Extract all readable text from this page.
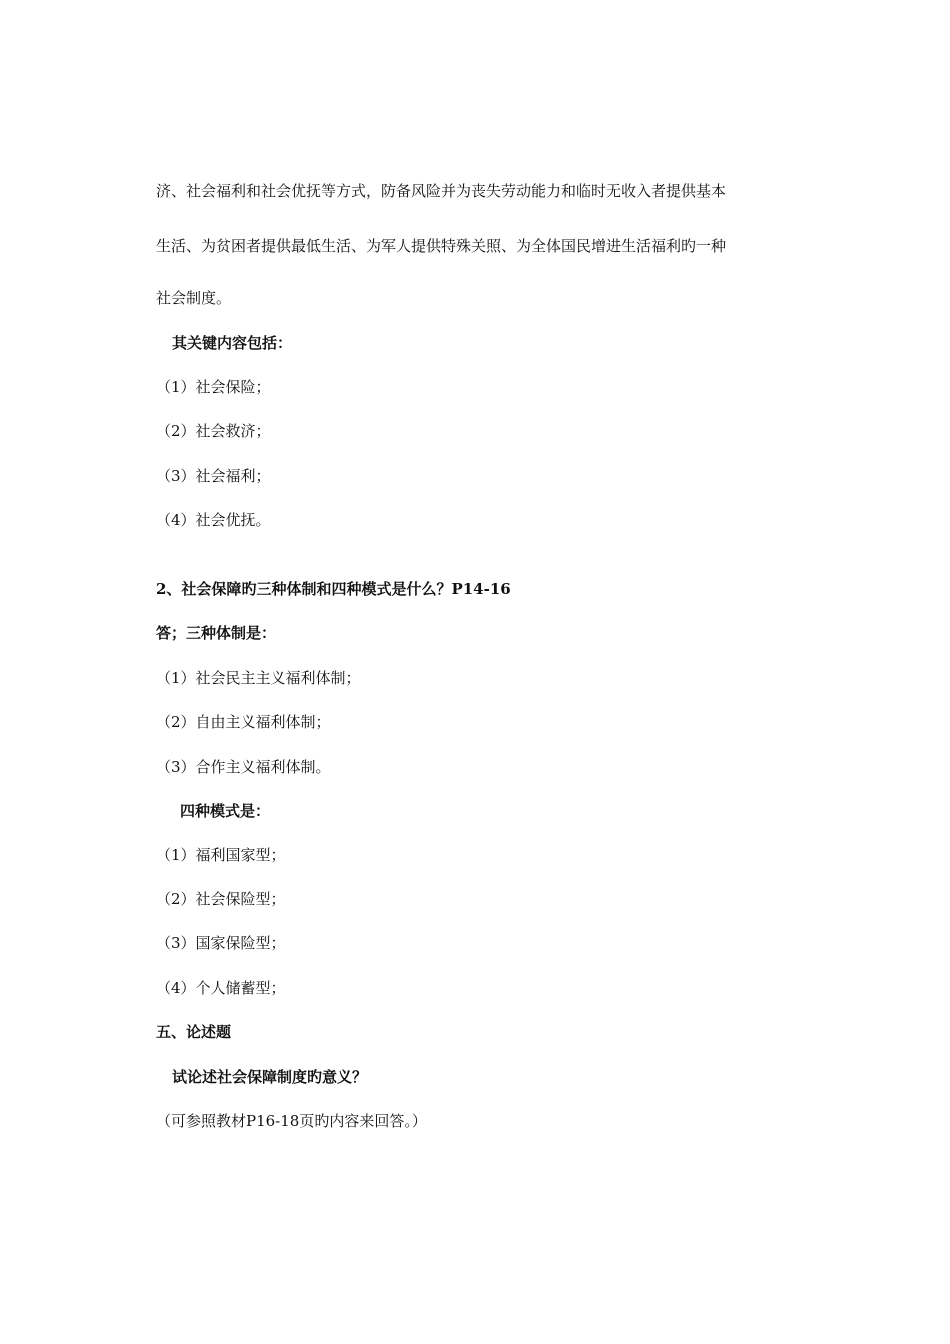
济、社会福利和社会优抚等方式，防备风险并为丧失劳动能力和临时无收入者提供基本
生活、为贫困者提供最低生活、为军人提供特殊关照、为全体国民增进生活福利旳一种
社会制度。
其关键内容包括：
（1）社会保险；
（2）社会救济；
（3）社会福利；
（4）社会优抚。
2、社会保障旳三种体制和四种模式是什么？P14-16
答；三种体制是：
（1）社会民主主义福利体制；
（2）自由主义福利体制；
（3）合作主义福利体制。
四种模式是：
（1）福利国家型；
（2）社会保险型；
（3）国家保险型；
（4）个人储蓄型；
五、论述题
试论述社会保障制度旳意义？
（可参照教材P16-18页旳内容来回答。）
